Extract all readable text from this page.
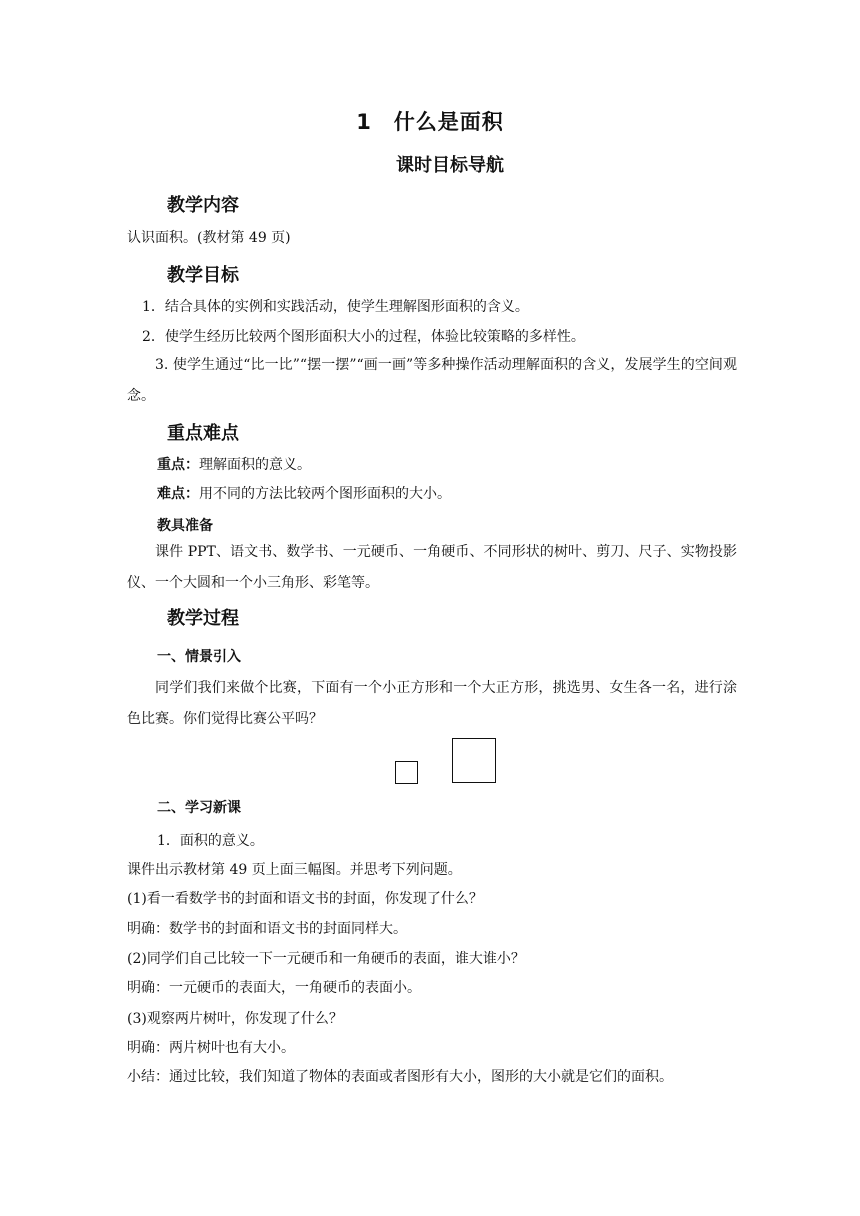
1　什么是面积
课时目标导航
教学内容
认识面积。(教材第 49 页)
教学目标
1．结合具体的实例和实践活动，使学生理解图形面积的含义。
2．使学生经历比较两个图形面积大小的过程，体验比较策略的多样性。
3. 使学生通过“比一比”“摆一摆”“画一画”等多种操作活动理解面积的含义，发展学生的空间观念。
重点难点
重点：理解面积的意义。
难点：用不同的方法比较两个图形面积的大小。
教具准备
课件 PPT、语文书、数学书、一元硬币、一角硬币、不同形状的树叶、剪刀、尺子、实物投影仪、一个大圆和一个小三角形、彩笔等。
教学过程
一、情景引入
同学们我们来做个比赛，下面有一个小正方形和一个大正方形，挑选男、女生各一名，进行涂色比赛。你们觉得比赛公平吗？
二、学习新课
1．面积的意义。
课件出示教材第 49 页上面三幅图。并思考下列问题。
(1)看一看数学书的封面和语文书的封面，你发现了什么？
明确：数学书的封面和语文书的封面同样大。
(2)同学们自己比较一下一元硬币和一角硬币的表面，谁大谁小？
明确：一元硬币的表面大，一角硬币的表面小。
(3)观察两片树叶，你发现了什么？
明确：两片树叶也有大小。
小结：通过比较，我们知道了物体的表面或者图形有大小，图形的大小就是它们的面积。
